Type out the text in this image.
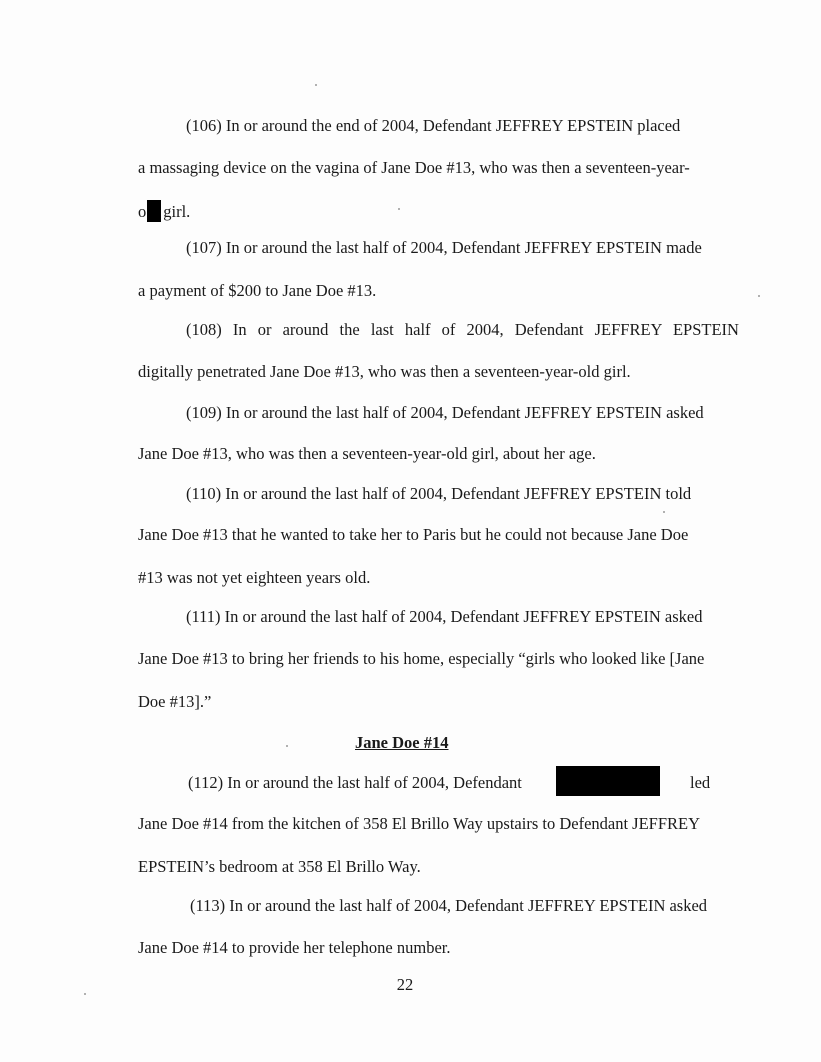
(106) In or around the end of 2004, Defendant JEFFREY EPSTEIN placed
a massaging device on the vagina of Jane Doe #13, who was then a seventeen-year-
o girl.
(107) In or around the last half of 2004, Defendant JEFFREY EPSTEIN made
a payment of $200 to Jane Doe #13.
(108) In or around the last half of 2004, Defendant JEFFREY EPSTEIN
digitally penetrated Jane Doe #13, who was then a seventeen-year-old girl.
(109) In or around the last half of 2004, Defendant JEFFREY EPSTEIN asked
Jane Doe #13, who was then a seventeen-year-old girl, about her age.
(110) In or around the last half of 2004, Defendant JEFFREY EPSTEIN told
Jane Doe #13 that he wanted to take her to Paris but he could not because Jane Doe
#13 was not yet eighteen years old.
(111) In or around the last half of 2004, Defendant JEFFREY EPSTEIN asked
Jane Doe #13 to bring her friends to his home, especially “girls who looked like [Jane
Doe #13].”
Jane Doe #14
(112) In or around the last half of 2004, Defendant	led
Jane Doe #14 from the kitchen of 358 El Brillo Way upstairs to Defendant JEFFREY
EPSTEIN’s bedroom at 358 El Brillo Way.
(113) In or around the last half of 2004, Defendant JEFFREY EPSTEIN asked
Jane Doe #14 to provide her telephone number.
22
